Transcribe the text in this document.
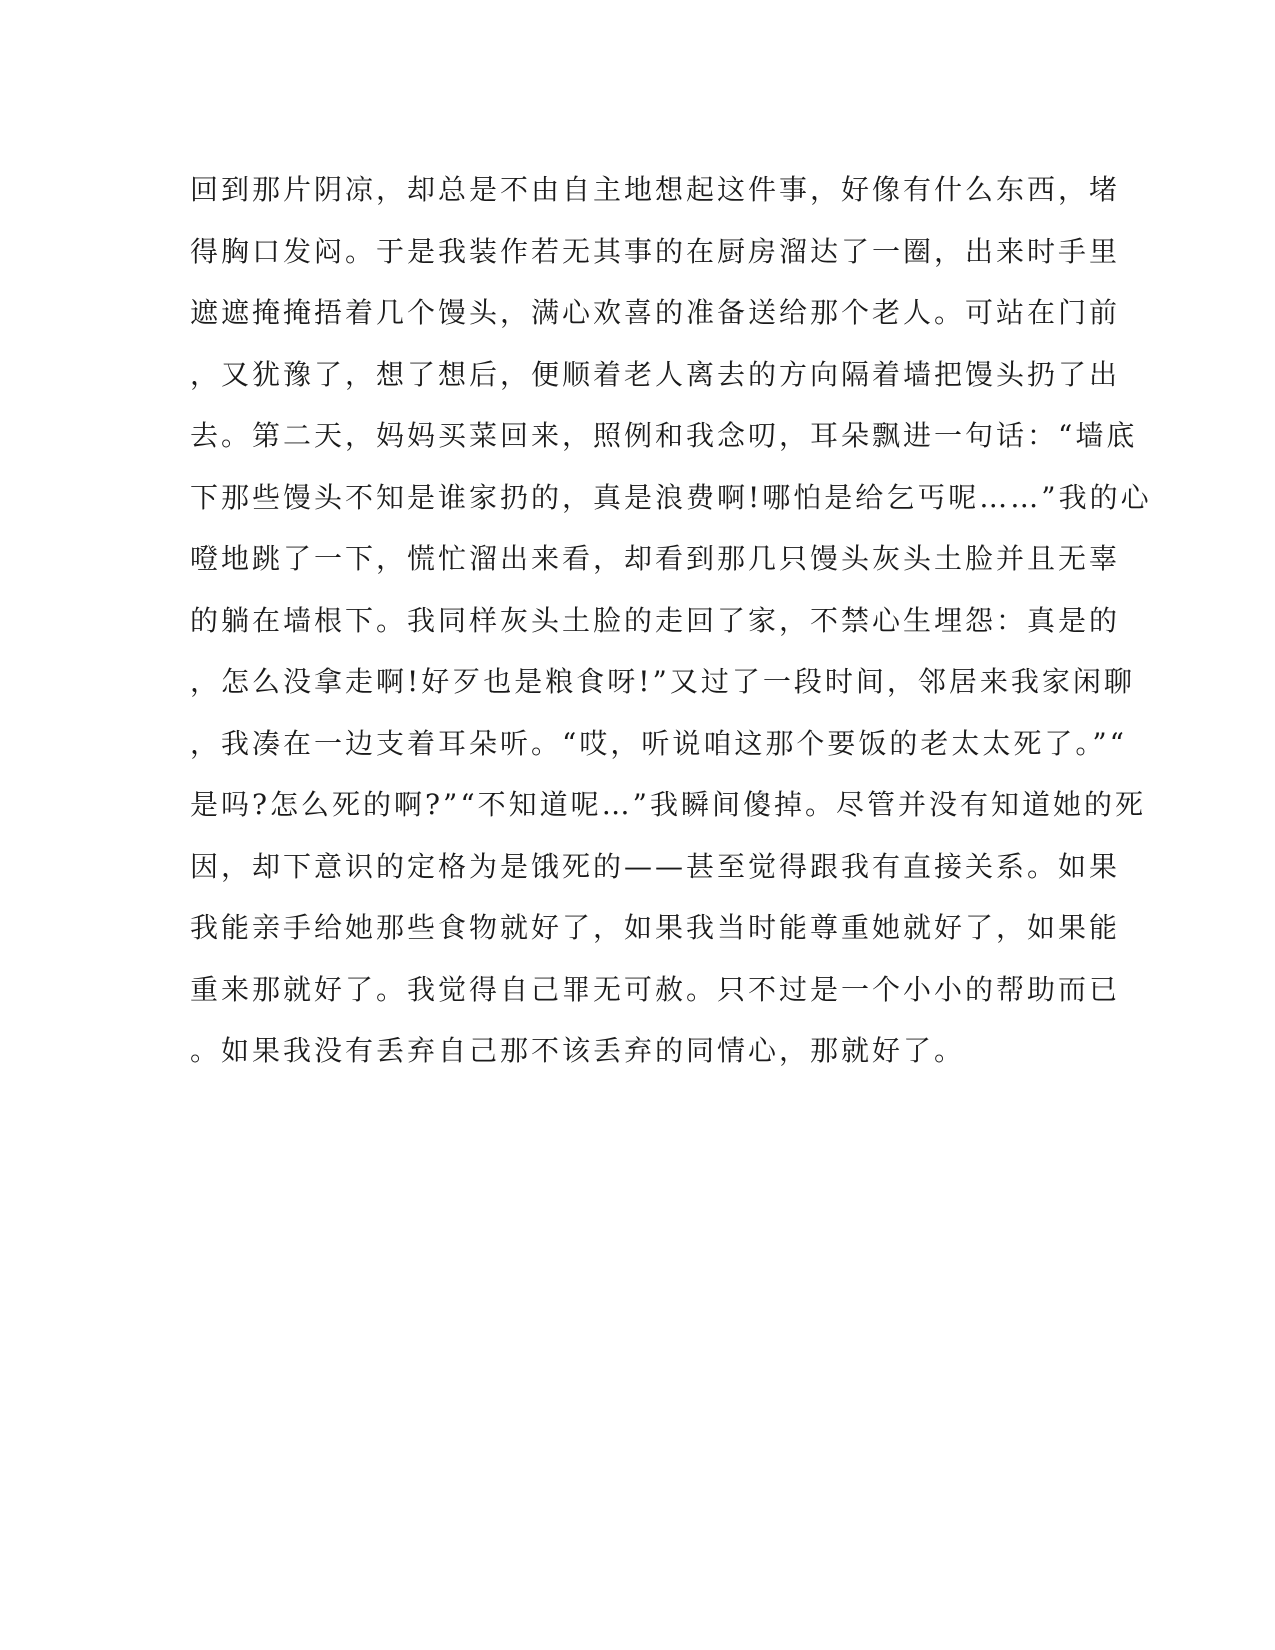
回到那片阴凉，却总是不由自主地想起这件事，好像有什么东西，堵
得胸口发闷。于是我装作若无其事的在厨房溜达了一圈，出来时手里
遮遮掩掩捂着几个馒头，满心欢喜的准备送给那个老人。可站在门前
，又犹豫了，想了想后，便顺着老人离去的方向隔着墙把馒头扔了出
去。第二天，妈妈买菜回来，照例和我念叨，耳朵飘进一句话：“墙底
下那些馒头不知是谁家扔的，真是浪费啊!哪怕是给乞丐呢……”我的心
噔地跳了一下，慌忙溜出来看，却看到那几只馒头灰头土脸并且无辜
的躺在墙根下。我同样灰头土脸的走回了家，不禁心生埋怨：真是的
，怎么没拿走啊!好歹也是粮食呀!”又过了一段时间，邻居来我家闲聊
，我凑在一边支着耳朵听。“哎，听说咱这那个要饭的老太太死了。”“
是吗?怎么死的啊?”“不知道呢…”我瞬间傻掉。尽管并没有知道她的死
因，却下意识的定格为是饿死的——甚至觉得跟我有直接关系。如果
我能亲手给她那些食物就好了，如果我当时能尊重她就好了，如果能
重来那就好了。我觉得自己罪无可赦。只不过是一个小小的帮助而已
。如果我没有丢弃自己那不该丢弃的同情心，那就好了。
